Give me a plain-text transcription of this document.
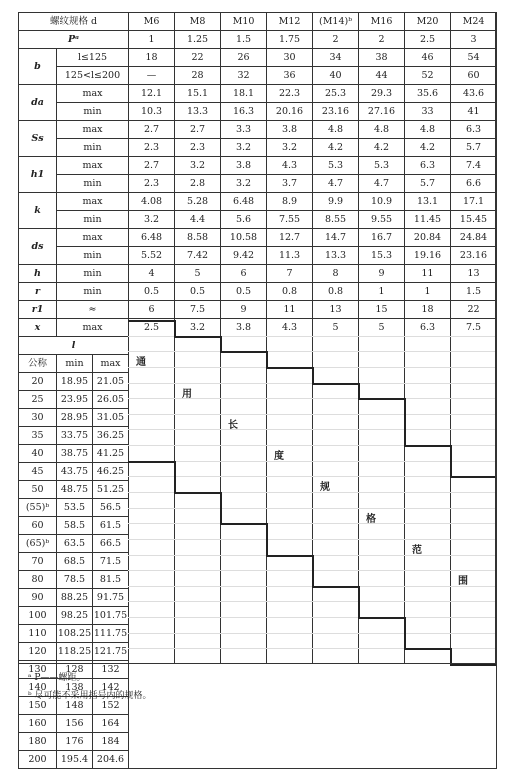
螺纹规格 d			M6	M8	M10	M12	(M14)ᵇ	M16	M20	M24
Pᵃ			1	1.25	1.5	1.75	2	2	2.5	3
b	l≤125		18	22	26	30	34	38	46	54
	125<l≤200		—	28	32	36	40	44	52	60
da	max		12.1	15.1	18.1	22.3	25.3	29.3	35.6	43.6
	min		10.3	13.3	16.3	20.16	23.16	27.16	33	41
Ss	max		2.7	2.7	3.3	3.8	4.8	4.8	4.8	6.3
	min		2.3	2.3	3.2	3.2	4.2	4.2	4.2	5.7
h1	max		2.7	3.2	3.8	4.3	5.3	5.3	6.3	7.4
	min		2.3	2.8	3.2	3.7	4.7	4.7	5.7	6.6
k	max		4.08	5.28	6.48	8.9	9.9	10.9	13.1	17.1
	min		3.2	4.4	5.6	7.55	8.55	9.55	11.45	15.45
ds	max		6.48	8.58	10.58	12.7	14.7	16.7	20.84	24.84
	min		5.52	7.42	9.42	11.3	13.3	15.3	19.16	23.16
h	min		4	5	6	7	8	9	11	13
r	min		0.5	0.5	0.5	0.8	0.8	1	1	1.5
r1	≈		6	7.5	9	11	13	15	18	22
x	max		2.5	3.2	3.8	4.3	5	5	6.3	7.5
l										
公称	min	max								
20	18.95	21.05								
25	23.95	26.05								
30	28.95	31.05								
35	33.75	36.25								
40	38.75	41.25								
45	43.75	46.25								
50	48.75	51.25								
(55)ᵇ	53.5	56.5								
60	58.5	61.5								
(65)ᵇ	63.5	66.5								
70	68.5	71.5								
80	78.5	81.5								
90	88.25	91.75								
100	98.25	101.75								
110	108.25	111.75								
120	118.25	121.75								
130	128	132								
140	138	142								
150	148	152								
160	156	164								
180	176	184								
200	195.4	204.6								
通
用
长
度
规
格
范
围
ᵃ P——螺距。
ᵇ 尽可能不采用括号内的规格。
